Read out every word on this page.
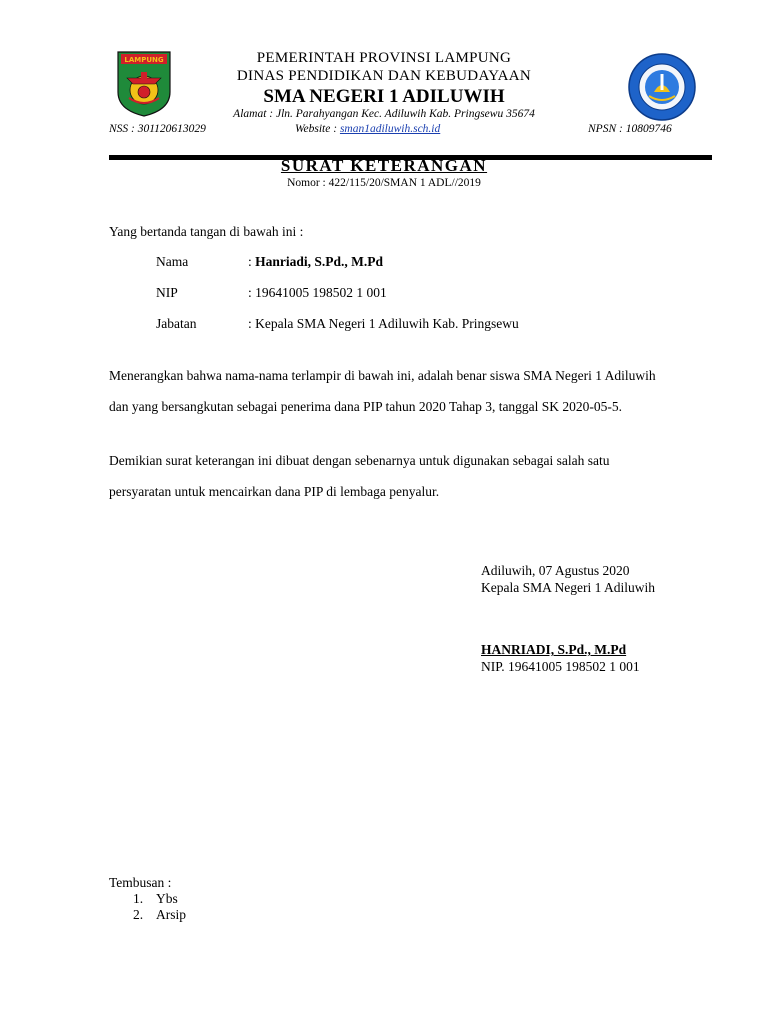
LAMPUNG	PEMERINTAH PROVINSI LAMPUNG
DINAS PENDIDIKAN DAN KEBUDAYAAN
SMA NEGERI 1 ADILUWIH
Alamat : Jln. Parahyangan Kec. Adiluwih Kab. Pringsewu 35674
NSS : 301120613029	Website : sman1adiluwih.sch.id	NPSN : 10809746
SURAT KETERANGAN
Nomor : 422/115/20/SMAN 1 ADL//2019
Yang bertanda tangan di bawah ini :
Nama	: Hanriadi, S.Pd., M.Pd
NIP	: 19641005 198502 1 001
Jabatan	: Kepala SMA Negeri 1 Adiluwih Kab. Pringsewu
Menerangkan bahwa nama-nama terlampir di bawah ini, adalah benar siswa SMA Negeri 1 Adiluwih
dan yang bersangkutan sebagai penerima dana PIP tahun 2020 Tahap 3, tanggal SK 2020-05-5.
Demikian surat keterangan ini dibuat dengan sebenarnya untuk digunakan sebagai salah satu
persyaratan untuk mencairkan dana PIP di lembaga penyalur.
Adiluwih, 07 Agustus 2020
Kepala SMA Negeri 1 Adiluwih
HANRIADI, S.Pd., M.Pd
NIP. 19641005 198502 1 001
Tembusan :
1. Ybs
2. Arsip
